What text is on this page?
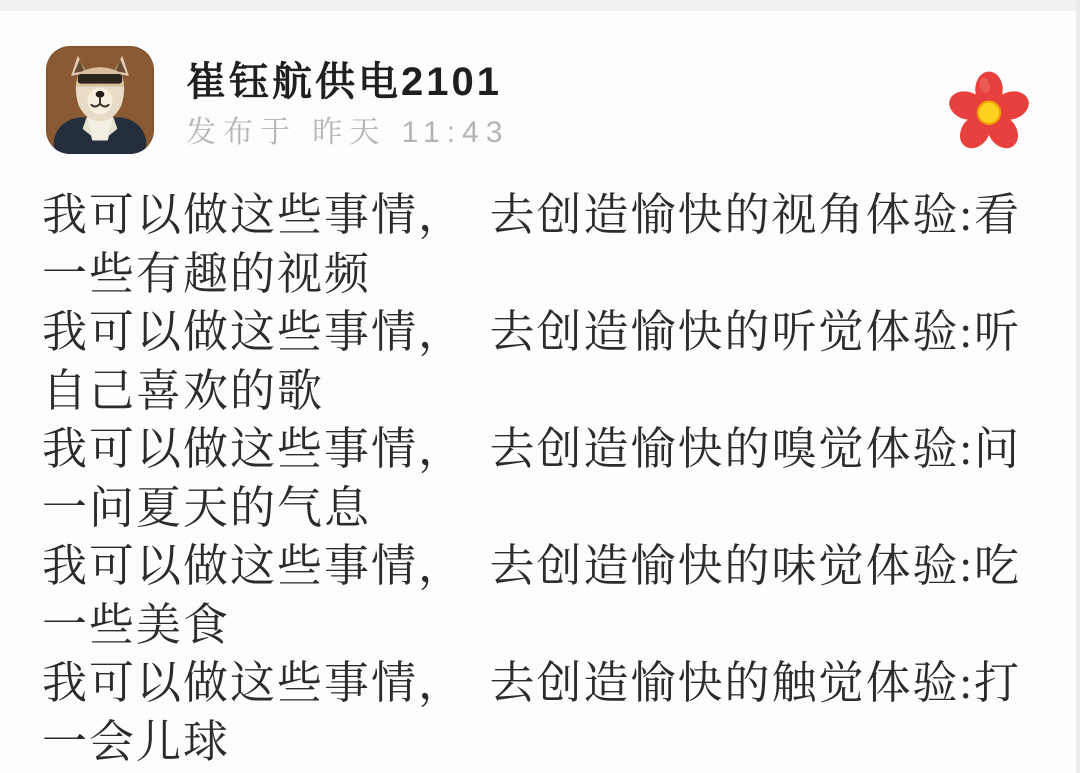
崔钰航供电2101
发布于 昨天 11:43
我可以做这些事情，　去创造愉快的视角体验:看
一些有趣的视频
我可以做这些事情，　去创造愉快的听觉体验:听
自己喜欢的歌
我可以做这些事情，　去创造愉快的嗅觉体验:问
一问夏天的气息
我可以做这些事情，　去创造愉快的味觉体验:吃
一些美食
我可以做这些事情，　去创造愉快的触觉体验:打
一会儿球
